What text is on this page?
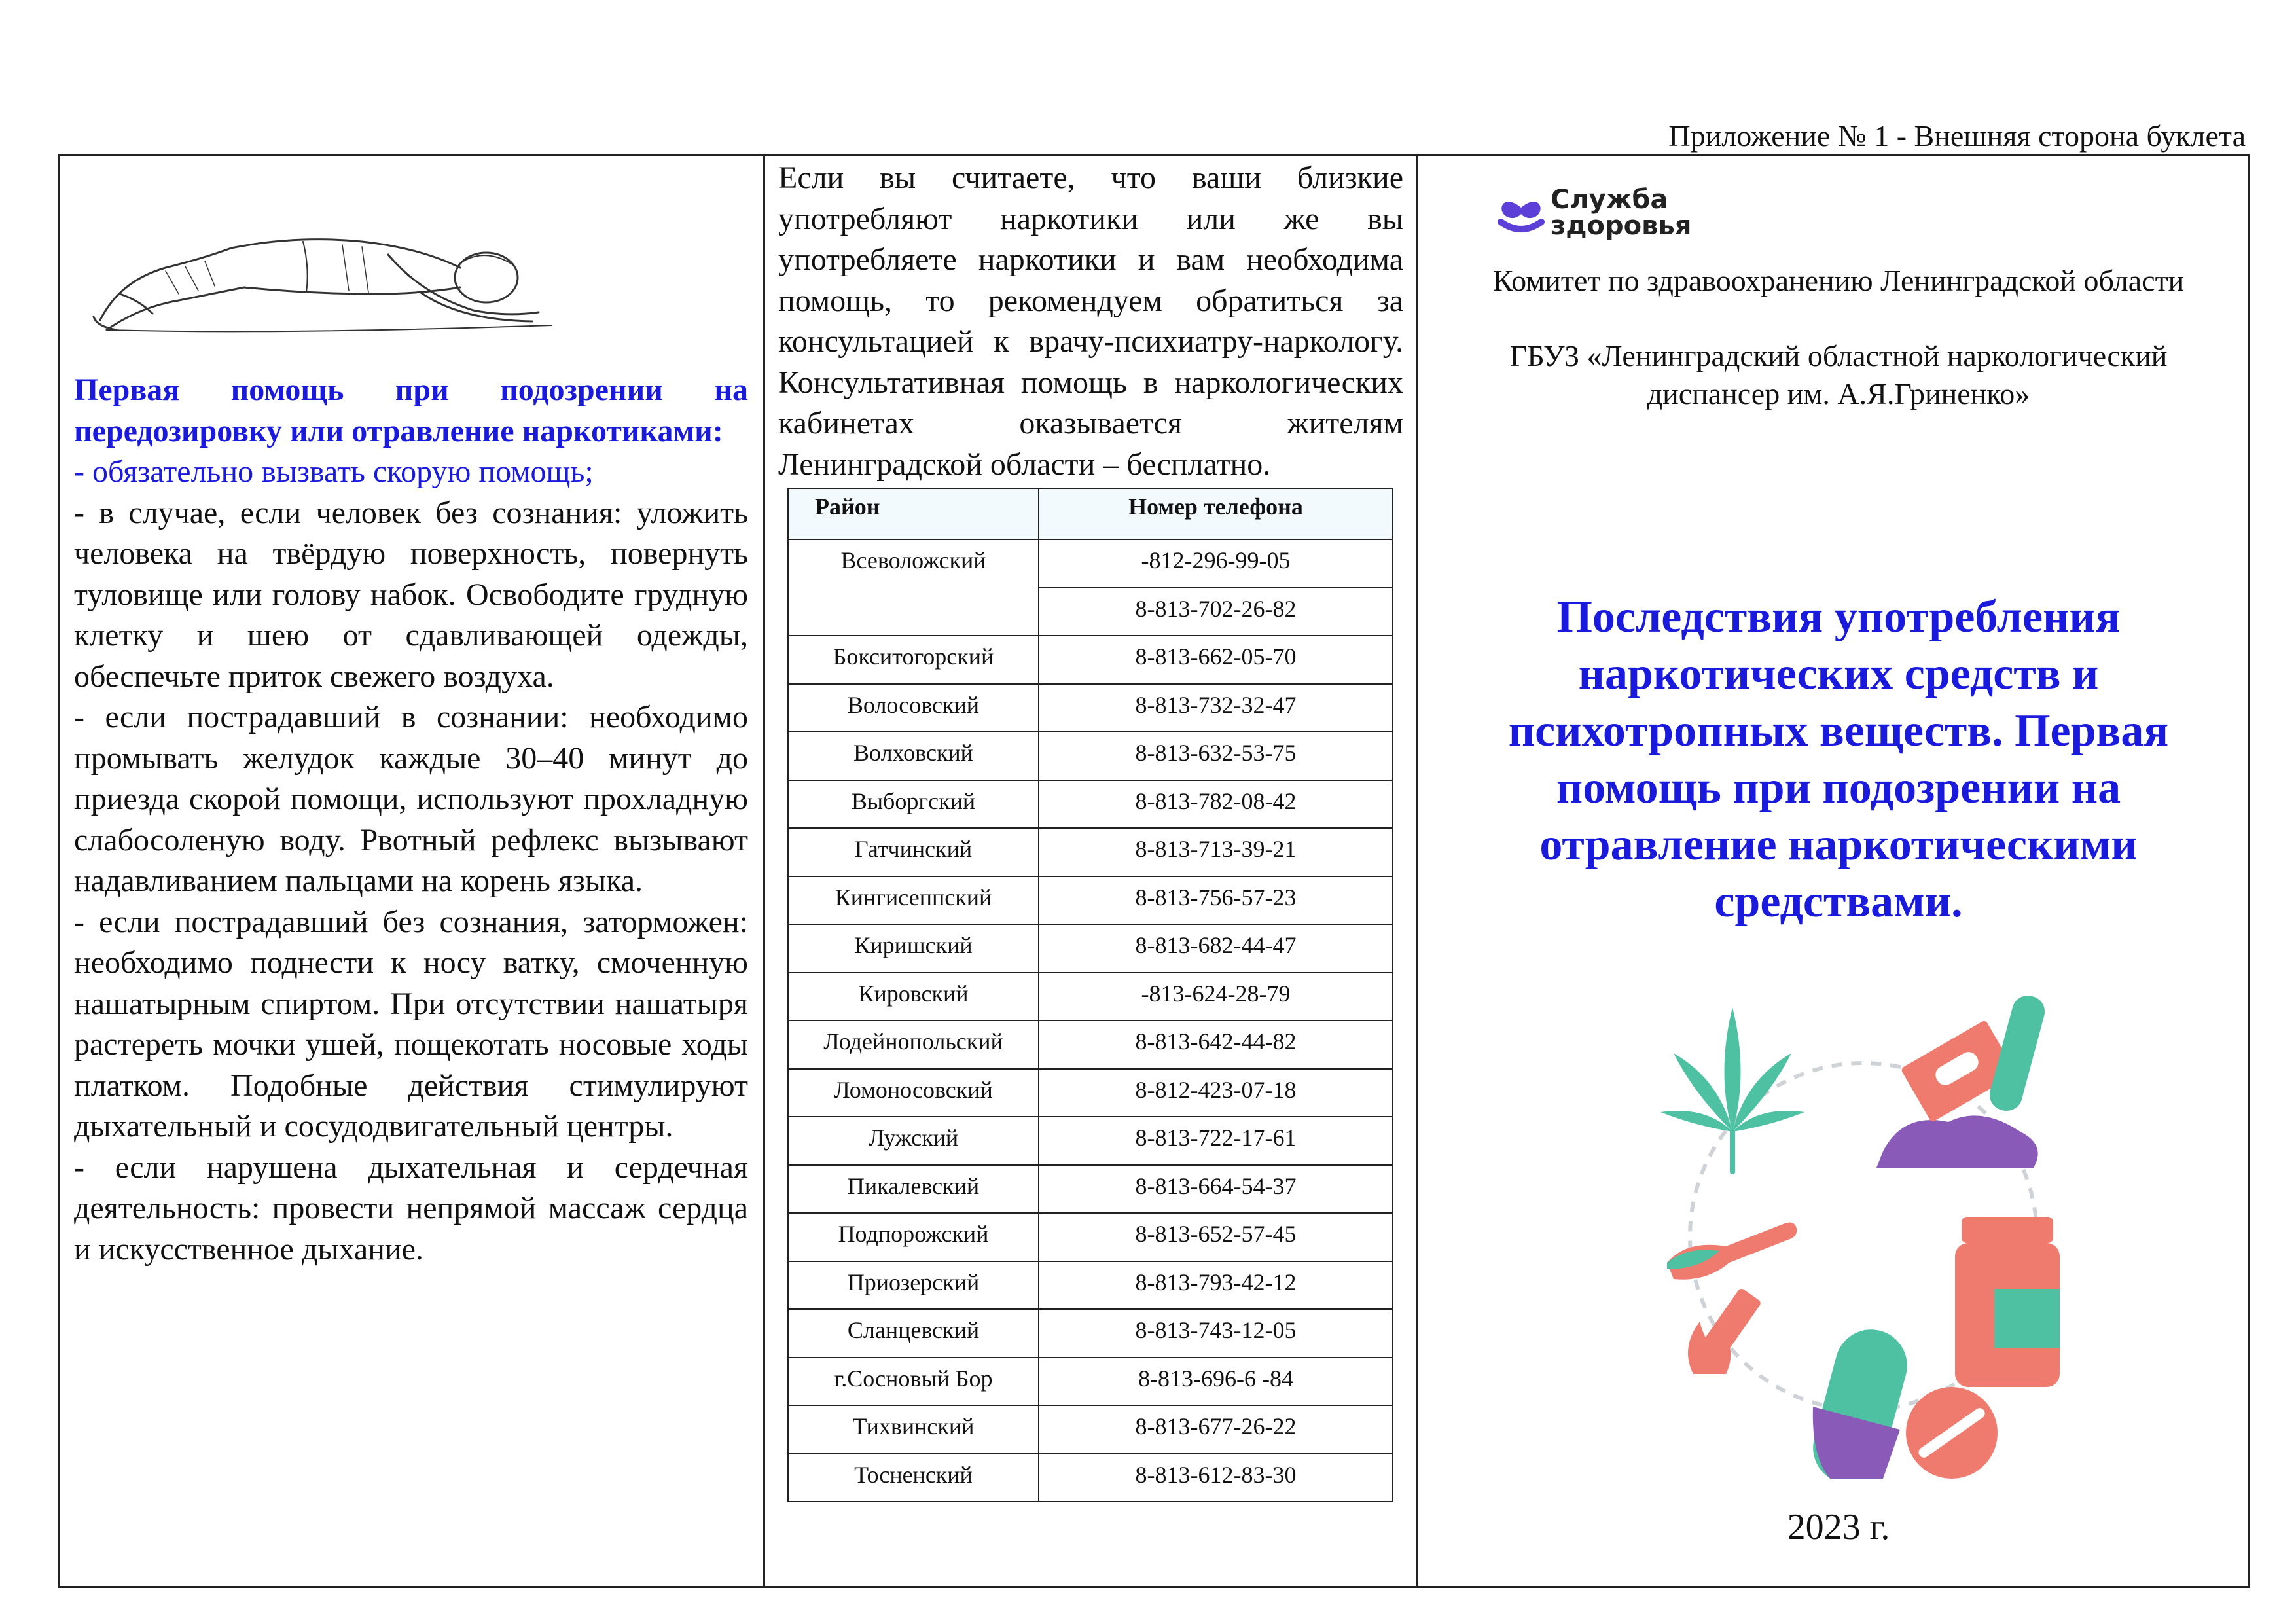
Приложение № 1 - Внешняя сторона буклета

Первая помощь при подозрении на передозировку или отравление наркотиками:

- обязательно вызвать скорую помощь;

- в случае, если человек без сознания: уложить человека на твёрдую поверхность, повернуть туловище или голову набок. Освободите грудную клетку и шею от сдавливающей одежды, обеспечьте приток свежего воздуха.

- если пострадавший в сознании: необходимо промывать желудок каждые 30–40 минут до приезда скорой помощи, используют прохладную слабосоленую воду. Рвотный рефлекс вызывают надавливанием пальцами на корень языка.

- если пострадавший без сознания, заторможен: необходимо поднести к носу ватку, смоченную нашатырным спиртом. При отсутствии нашатыря растереть мочки ушей, пощекотать носовые ходы платком. Подобные действия стимулируют дыхательный и сосудодвигательный центры.

- если нарушена дыхательная и сердечная деятельность: провести непрямой массаж сердца и искусственное дыхание.

Если вы считаете, что ваши близкие употребляют наркотики или же вы употребляете наркотики и вам необходима помощь, то рекомендуем обратиться за консультацией к врачу-психиатру-наркологу. Консультативная помощь в наркологических кабинетах оказывается жителям Ленинградской области – бесплатно.

Район	Номер телефона
Всеволожский	-812-296-99-05
	8-813-702-26-82
Бокситогорский	8-813-662-05-70
Волосовский	8-813-732-32-47
Волховский	8-813-632-53-75
Выборгский	8-813-782-08-42
Гатчинский	8-813-713-39-21
Кингисеппский	8-813-756-57-23
Киришский	8-813-682-44-47
Кировский	-813-624-28-79
Лодейнопольский	8-813-642-44-82
Ломоносовский	8-812-423-07-18
Лужский	8-813-722-17-61
Пикалевский	8-813-664-54-37
Подпорожский	8-813-652-57-45
Приозерский	8-813-793-42-12
Сланцевский	8-813-743-12-05
г.Сосновый Бор	8-813-696-6 -84
Тихвинский	8-813-677-26-22
Тосненский	8-813-612-83-30
Служба
здоровья
Комитет по здравоохранению Ленинградской области
ГБУЗ «Ленинградский областной наркологический диспансер им. А.Я.Гриненко»
Последствия употребления наркотических средств и психотропных веществ. Первая помощь при подозрении на отравление наркотическими средствами.
2023 г.
